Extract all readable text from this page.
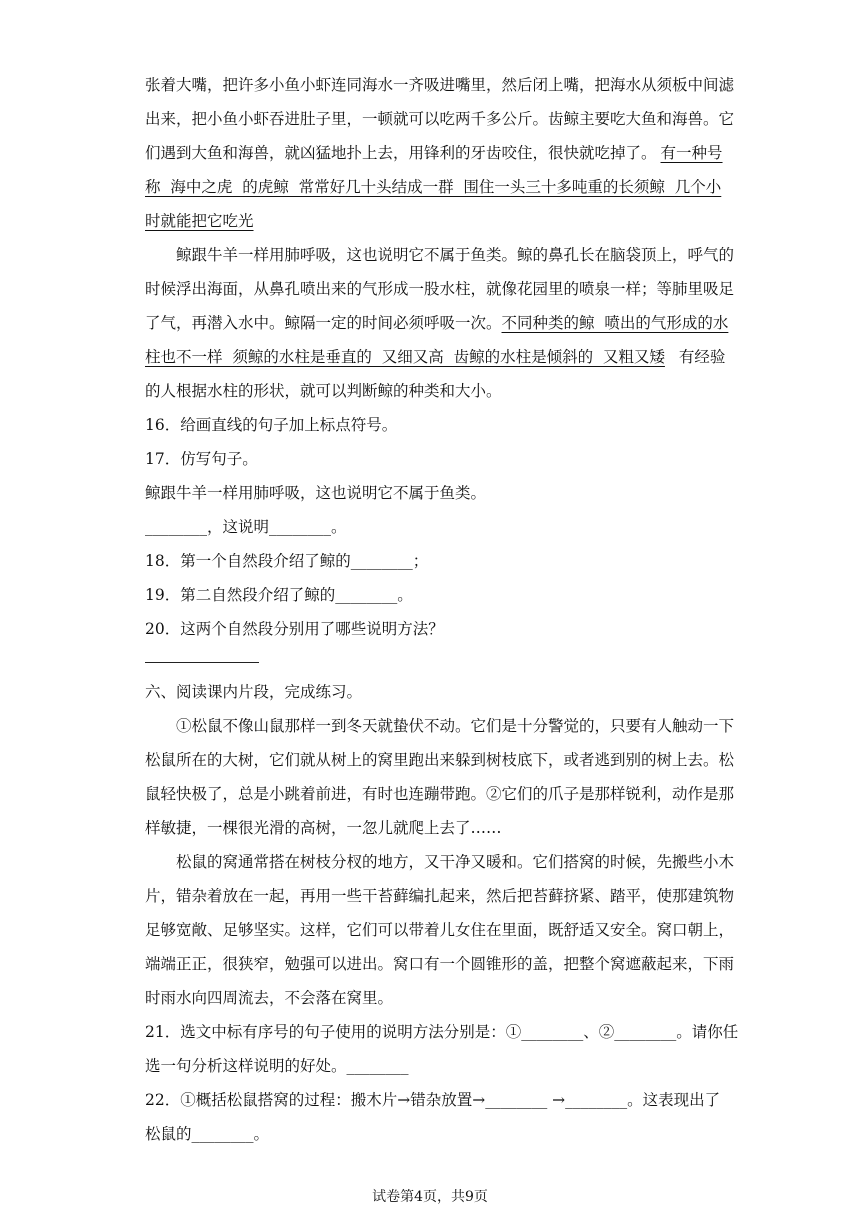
张着大嘴，把许多小鱼小虾连同海水一齐吸进嘴里，然后闭上嘴，把海水从须板中间滤
出来，把小鱼小虾吞进肚子里，一顿就可以吃两千多公斤。齿鲸主要吃大鱼和海兽。它
们遇到大鱼和海兽，就凶猛地扑上去，用锋利的牙齿咬住，很快就吃掉了。 有一种号
称  海中之虎  的虎鲸  常常好几十头结成一群  围住一头三十多吨重的长须鲸  几个小
时就能把它吃光
鲸跟牛羊一样用肺呼吸，这也说明它不属于鱼类。鲸的鼻孔长在脑袋顶上，呼气的
时候浮出海面，从鼻孔喷出来的气形成一股水柱，就像花园里的喷泉一样；等肺里吸足
了气，再潜入水中。鲸隔一定的时间必须呼吸一次。不同种类的鲸  喷出的气形成的水
柱也不一样  须鲸的水柱是垂直的  又细又高  齿鲸的水柱是倾斜的  又粗又矮 有经验
的人根据水柱的形状，就可以判断鲸的种类和大小。
16．给画直线的句子加上标点符号。
17．仿写句子。
鲸跟牛羊一样用肺呼吸，这也说明它不属于鱼类。
________，这说明________。
18．第一个自然段介绍了鲸的________；
19．第二自然段介绍了鲸的________。
20．这两个自然段分别用了哪些说明方法？
六、阅读课内片段，完成练习。
①松鼠不像山鼠那样一到冬天就蛰伏不动。它们是十分警觉的，只要有人触动一下
松鼠所在的大树，它们就从树上的窝里跑出来躲到树枝底下，或者逃到别的树上去。松
鼠轻快极了，总是小跳着前进，有时也连蹦带跑。②它们的爪子是那样锐利，动作是那
样敏捷，一棵很光滑的高树，一忽儿就爬上去了……
松鼠的窝通常搭在树枝分杈的地方，又干净又暖和。它们搭窝的时候，先搬些小木
片，错杂着放在一起，再用一些干苔藓编扎起来，然后把苔藓挤紧、踏平，使那建筑物
足够宽敞、足够坚实。这样，它们可以带着儿女住在里面，既舒适又安全。窝口朝上，
端端正正，很狭窄，勉强可以进出。窝口有一个圆锥形的盖，把整个窝遮蔽起来，下雨
时雨水向四周流去，不会落在窝里。
21．选文中标有序号的句子使用的说明方法分别是：①________、②________。请你任
选一句分析这样说明的好处。________
22．①概括松鼠搭窝的过程：搬木片→错杂放置→________ →________。这表现出了
松鼠的________。
试卷第4页，共9页
